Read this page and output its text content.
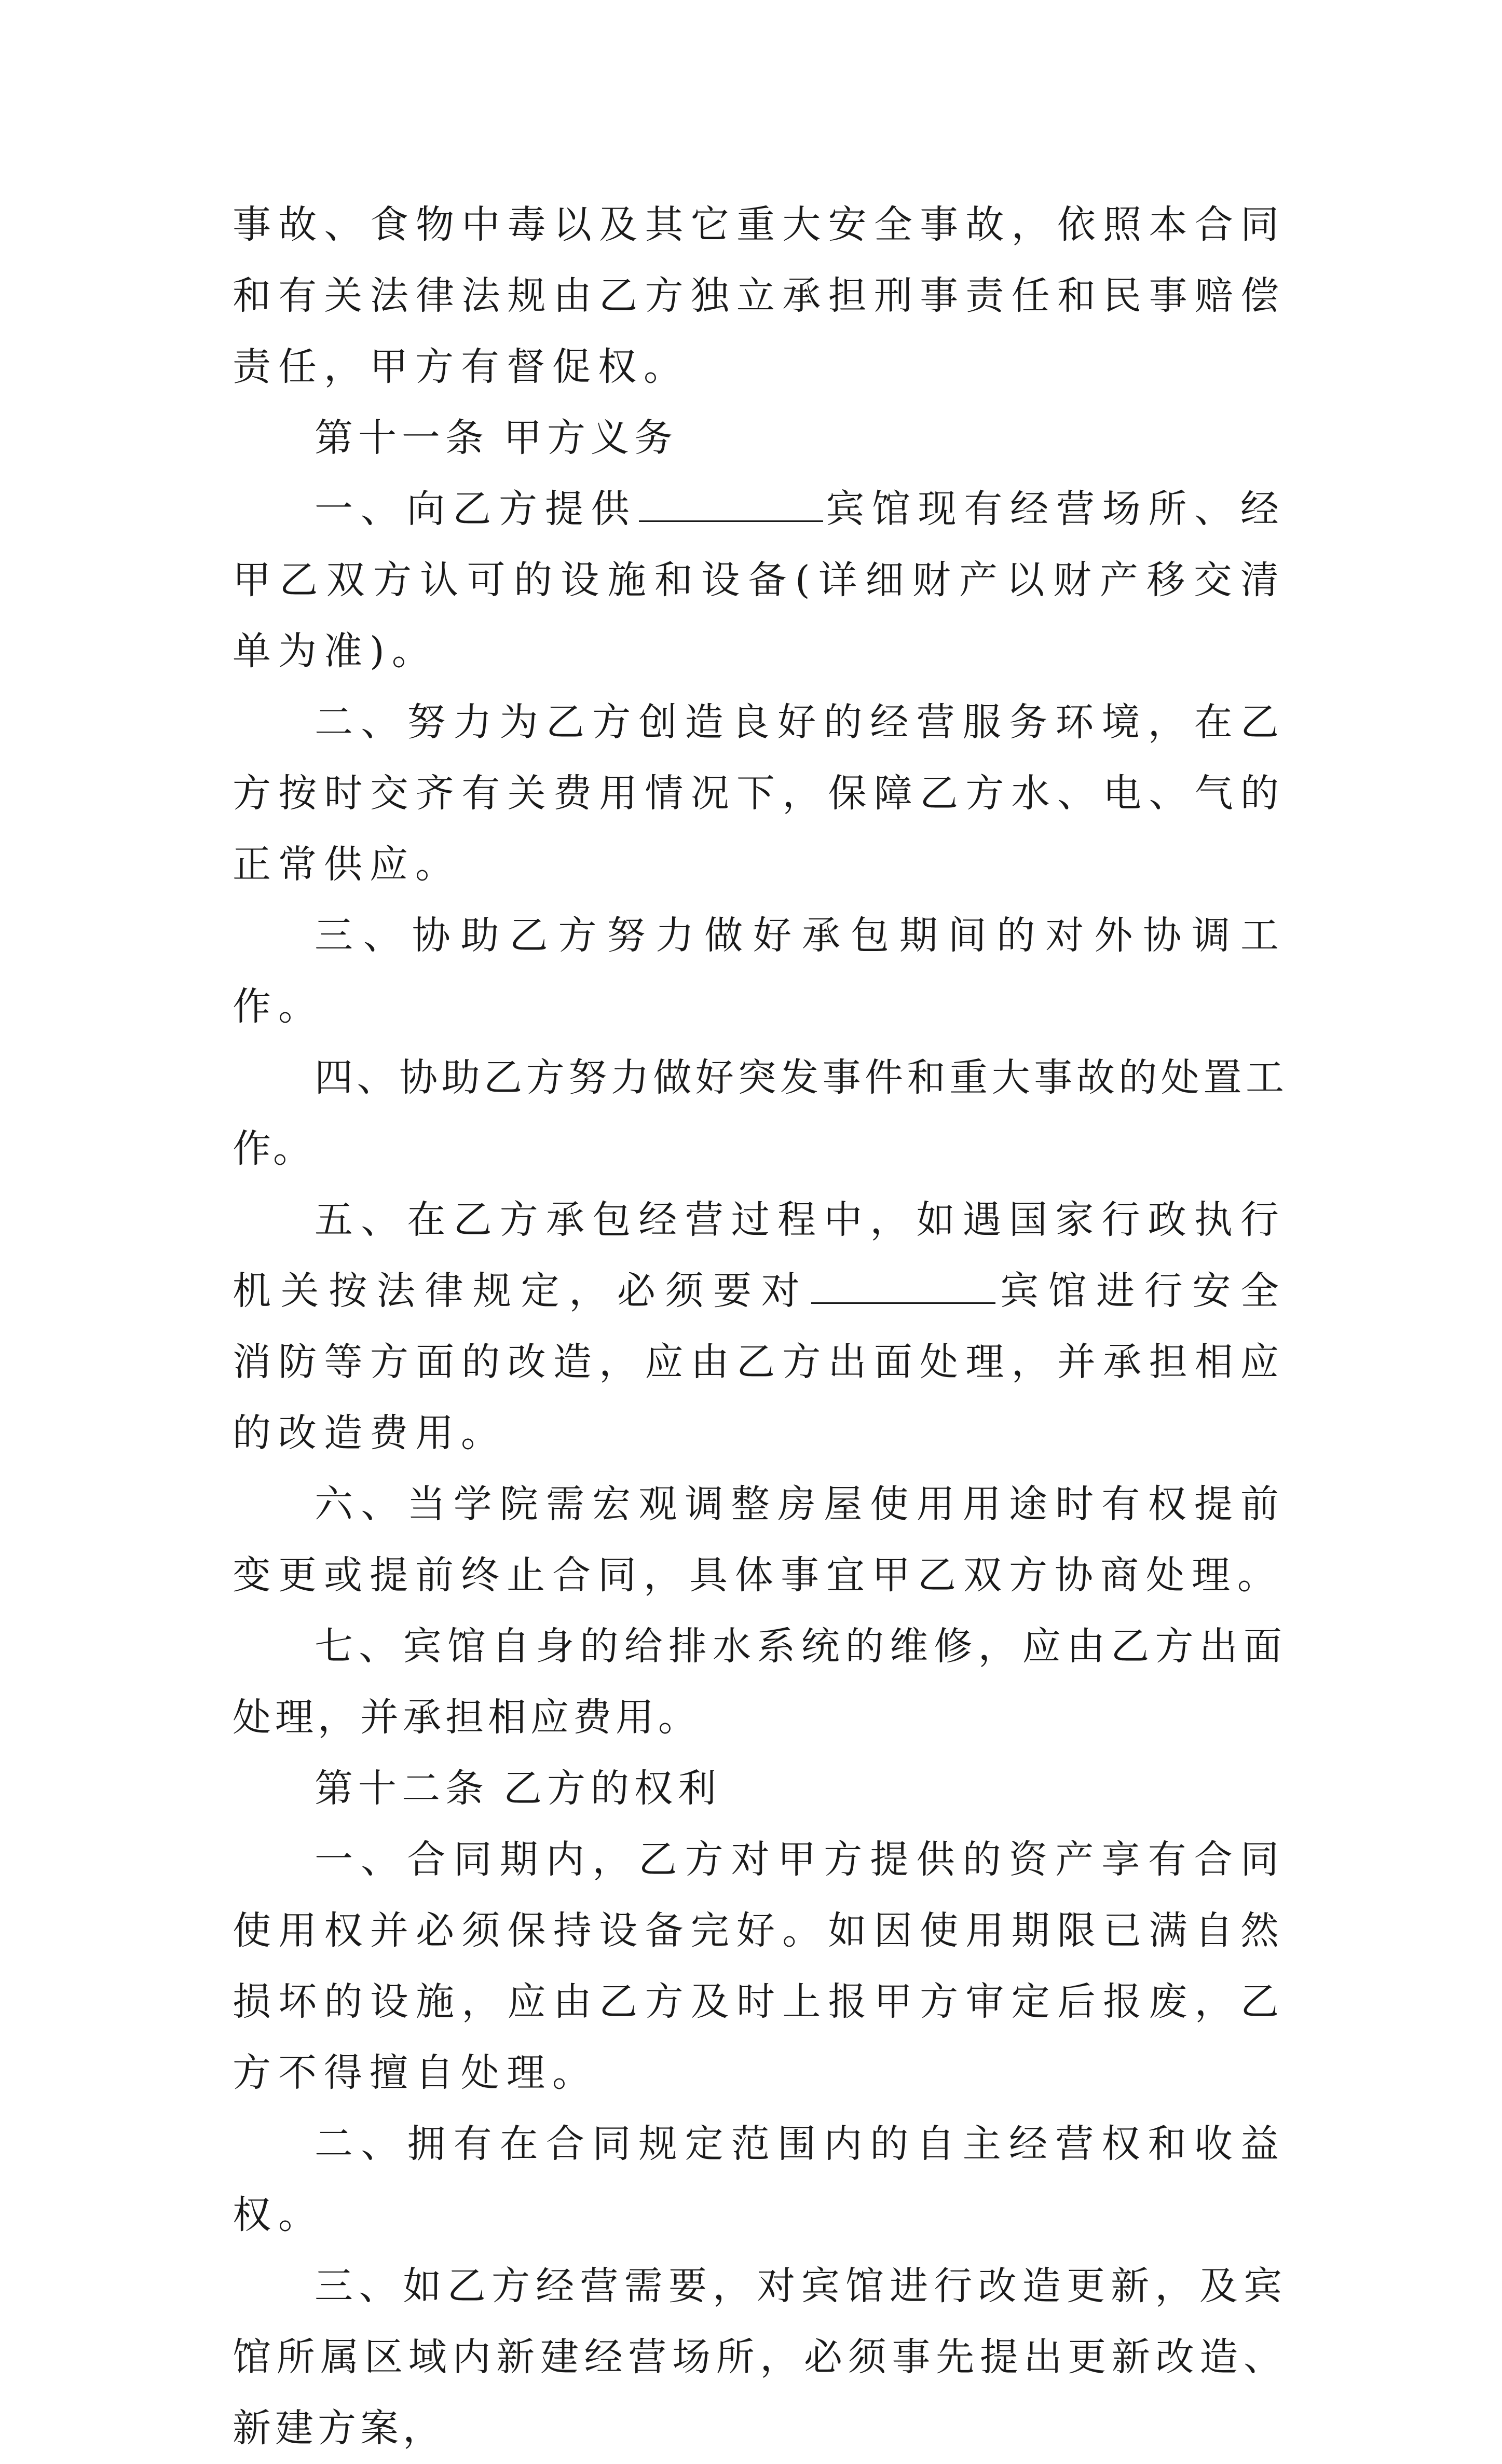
事故、食物中毒以及其它重大安全事故，依照本合同和有关法律法规由乙方独立承担刑事责任和民事赔偿责任，甲方有督促权。

第十一条 甲方义务

一、向乙方提供	宾馆现有经营场所、经甲乙双方认可的设施和设备(详细财产以财产移交清单为准)。

二、努力为乙方创造良好的经营服务环境，在乙方按时交齐有关费用情况下，保障乙方水、电、气的正常供应。

三、协助乙方努力做好承包期间的对外协调工作。

四、协助乙方努力做好突发事件和重大事故的处置工作。

五、在乙方承包经营过程中，如遇国家行政执行机关按法律规定，必须要对	宾馆进行安全消防等方面的改造，应由乙方出面处理，并承担相应的改造费用。

六、当学院需宏观调整房屋使用用途时有权提前变更或提前终止合同，具体事宜甲乙双方协商处理。

七、宾馆自身的给排水系统的维修，应由乙方出面处理，并承担相应费用。

第十二条 乙方的权利

一、合同期内，乙方对甲方提供的资产享有合同使用权并必须保持设备完好。如因使用期限已满自然损坏的设施，应由乙方及时上报甲方审定后报废，乙方不得擅自处理。

二、拥有在合同规定范围内的自主经营权和收益权。

三、如乙方经营需要，对宾馆进行改造更新，及宾馆所属区域内新建经营场所，必须事先提出更新改造、新建方案，
